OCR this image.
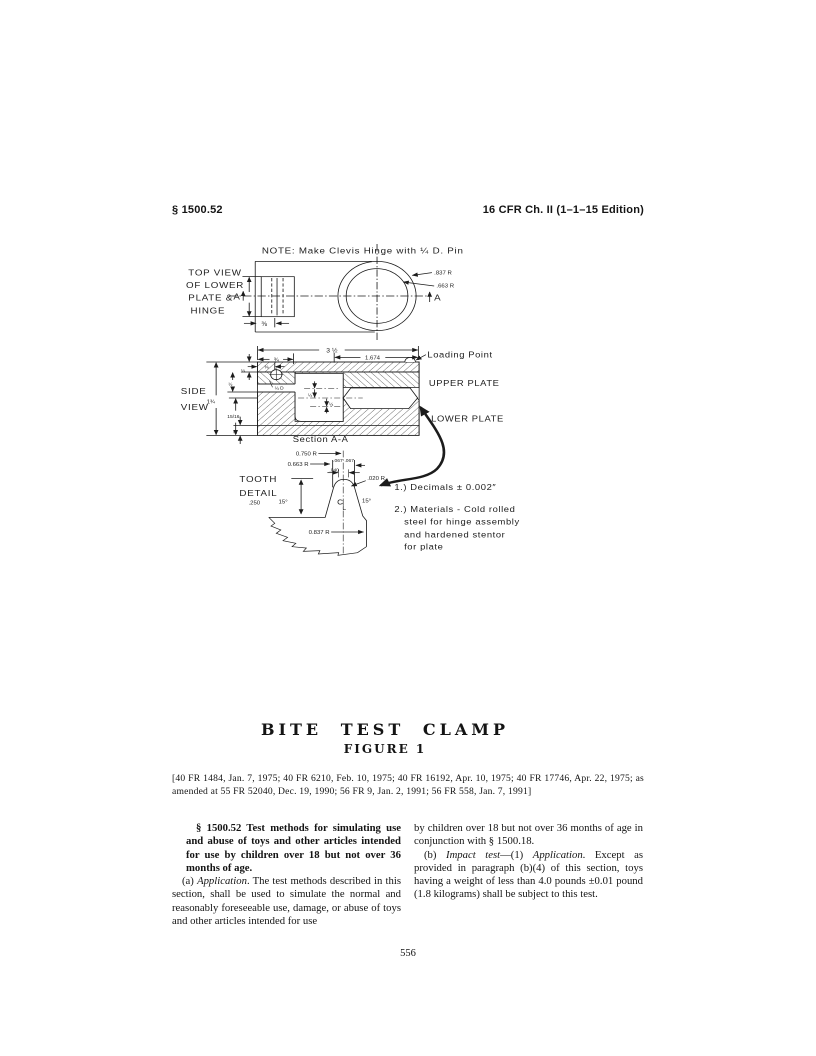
§ 1500.52	16 CFR Ch. II (1–1–15 Edition)
NOTE: Make Clevis Hinge with ¼ D. Pin
A	A
.837 R
.663 R
⅜
TOP VIEW
OF LOWER
PLATE &
HINGE
¼ D
Loading Point
3 ½
¾
⅜
1.674
¼
½
1¾
15/16
¼
¼
¼
SIDE
VIEW
UPPER PLATE
LOWER PLATE
Section A-A
TOOTH
DETAIL
C
L
0.750 R
0.663 R
.067 .067
.040
.020 R
.250 15°	15°
0.837 R
1.) Decimals ± 0.002″
2.) Materials - Cold rolled
steel for hinge assembly
and hardened stentor
for plate
BITE TEST CLAMP
FIGURE 1
[40 FR 1484, Jan. 7, 1975; 40 FR 6210, Feb. 10, 1975; 40 FR 16192, Apr. 10, 1975; 40 FR 17746, Apr. 22, 1975; as amended at 55 FR 52040, Dec. 19, 1990; 56 FR 9, Jan. 2, 1991; 56 FR 558, Jan. 7, 1991]

§ 1500.52 Test methods for simulating use and abuse of toys and other articles intended for use by children over 18 but not over 36 months of age.

(a) Application. The test methods described in this section, shall be used to simulate the normal and reasonably foreseeable use, damage, or abuse of toys and other articles intended for use

by children over 18 but not over 36 months of age in conjunction with § 1500.18.

(b) Impact test—(1) Application. Except as provided in paragraph (b)(4) of this section, toys having a weight of less than 4.0 pounds ±0.01 pound (1.8 kilograms) shall be subject to this test.

556
